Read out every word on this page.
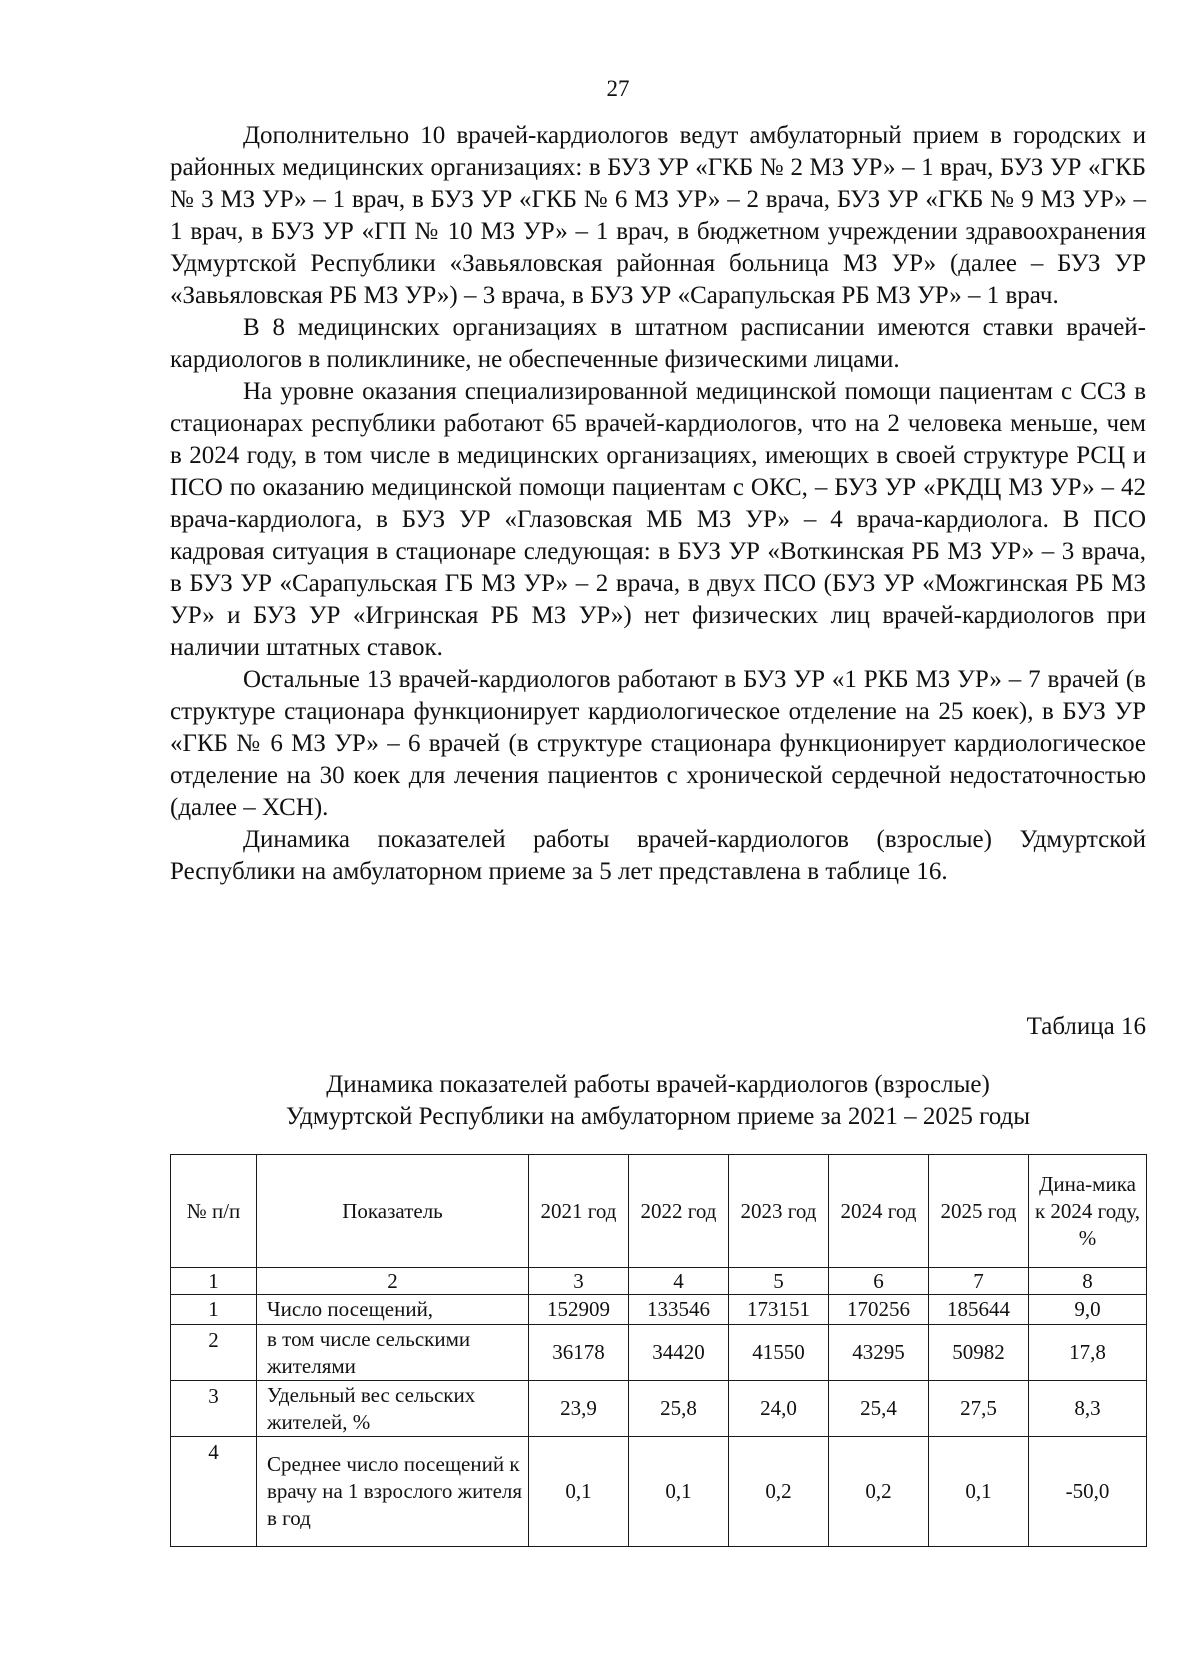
27

Дополнительно 10 врачей-кардиологов ведут амбулаторный прием в городских и районных медицинских организациях: в БУЗ УР «ГКБ № 2 МЗ УР» – 1 врач, БУЗ УР «ГКБ № 3 МЗ УР» – 1 врач, в БУЗ УР «ГКБ № 6 МЗ УР» – 2 врача, БУЗ УР «ГКБ № 9 МЗ УР» – 1 врач, в БУЗ УР «ГП № 10 МЗ УР» – 1 врач, в бюджетном учреждении здравоохранения Удмуртской Республики «Завьяловская районная больница МЗ УР» (далее – БУЗ УР «Завьяловская РБ МЗ УР») – 3 врача, в БУЗ УР «Сарапульская РБ МЗ УР» – 1 врач.

В 8 медицинских организациях в штатном расписании имеются ставки врачей-кардиологов в поликлинике, не обеспеченные физическими лицами.

На уровне оказания специализированной медицинской помощи пациентам с ССЗ в стационарах республики работают 65 врачей-кардиологов, что на 2 человека меньше, чем в 2024 году, в том числе в медицинских организациях, имеющих в своей структуре РСЦ и ПСО по оказанию медицинской помощи пациентам с ОКС, – БУЗ УР «РКДЦ МЗ УР» – 42 врача-кардиолога, в БУЗ УР «Глазовская МБ МЗ УР» – 4 врача-кардиолога. В ПСО кадровая ситуация в стационаре следующая: в БУЗ УР «Воткинская РБ МЗ УР» – 3 врача, в БУЗ УР «Сарапульская ГБ МЗ УР» – 2 врача, в двух ПСО (БУЗ УР «Можгинская РБ МЗ УР» и БУЗ УР «Игринская РБ МЗ УР») нет физических лиц врачей-кардиологов при наличии штатных ставок.

Остальные 13 врачей-кардиологов работают в БУЗ УР «1 РКБ МЗ УР» – 7 врачей (в структуре стационара функционирует кардиологическое отделение на 25 коек), в БУЗ УР «ГКБ № 6 МЗ УР» – 6 врачей (в структуре стационара функционирует кардиологическое отделение на 30 коек для лечения пациентов с хронической сердечной недостаточностью (далее – ХСН).

Динамика показателей работы врачей-кардиологов (взрослые) Удмуртской Республики на амбулаторном приеме за 5 лет представлена в таблице 16.

Таблица 16
Динамика показателей работы врачей-кардиологов (взрослые)
Удмуртской Республики на амбулаторном приеме за 2021 – 2025 годы
№ п/п	Показатель	2021 год	2022 год	2023 год	2024 год	2025 год	Дина-мика к 2024 году, %
1	2	3	4	5	6	7	8
1	Число посещений,	152909	133546	173151	170256	185644	9,0
2	в том числе сельскими жителями	36178	34420	41550	43295	50982	17,8
3	Удельный вес сельских жителей, %	23,9	25,8	24,0	25,4	27,5	8,3
4	Среднее число посещений к врачу на 1 взрослого жителя в год	0,1	0,1	0,2	0,2	0,1	-50,0
